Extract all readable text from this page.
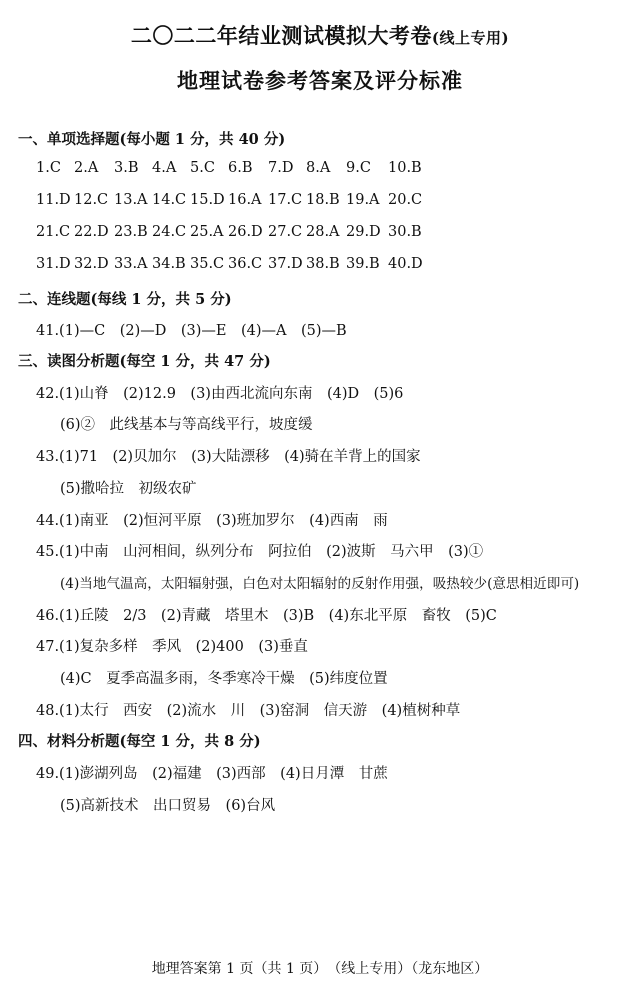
二〇二二年结业测试模拟大考卷(线上专用)
地理试卷参考答案及评分标准
一、单项选择题(每小题 1 分，共 40 分)
1.C 2.A 3.B 4.A 5.C 6.B 7.D 8.A 9.C 10.B
11.D 12.C 13.A 14.C 15.D 16.A 17.C 18.B 19.A 20.C
21.C 22.D 23.B 24.C 25.A 26.D 27.C 28.A 29.D 30.B
31.D 32.D 33.A 34.B 35.C 36.C 37.D 38.B 39.B 40.D
二、连线题(每线 1 分，共 5 分)
41.(1)—C　(2)—D　(3)—E　(4)—A　(5)—B
三、读图分析题(每空 1 分，共 47 分)
42.(1)山脊　(2)12.9　(3)由西北流向东南　(4)D　(5)6
(6)②　此线基本与等高线平行，坡度缓
43.(1)71　(2)贝加尔　(3)大陆漂移　(4)骑在羊背上的国家
(5)撒哈拉　初级农矿
44.(1)南亚　(2)恒河平原　(3)班加罗尔　(4)西南　雨
45.(1)中南　山河相间，纵列分布　阿拉伯　(2)波斯　马六甲　(3)①
(4)当地气温高，太阳辐射强，白色对太阳辐射的反射作用强，吸热较少(意思相近即可)
46.(1)丘陵　2/3　(2)青藏　塔里木　(3)B　(4)东北平原　畜牧　(5)C
47.(1)复杂多样　季风　(2)400　(3)垂直
(4)C　夏季高温多雨，冬季寒冷干燥　(5)纬度位置
48.(1)太行　西安　(2)流水　川　(3)窑洞　信天游　(4)植树种草
四、材料分析题(每空 1 分，共 8 分)
49.(1)澎湖列岛　(2)福建　(3)西部　(4)日月潭　甘蔗
(5)高新技术　出口贸易　(6)台风
地理答案第 1 页（共 1 页）　（线上专用）（龙东地区）
